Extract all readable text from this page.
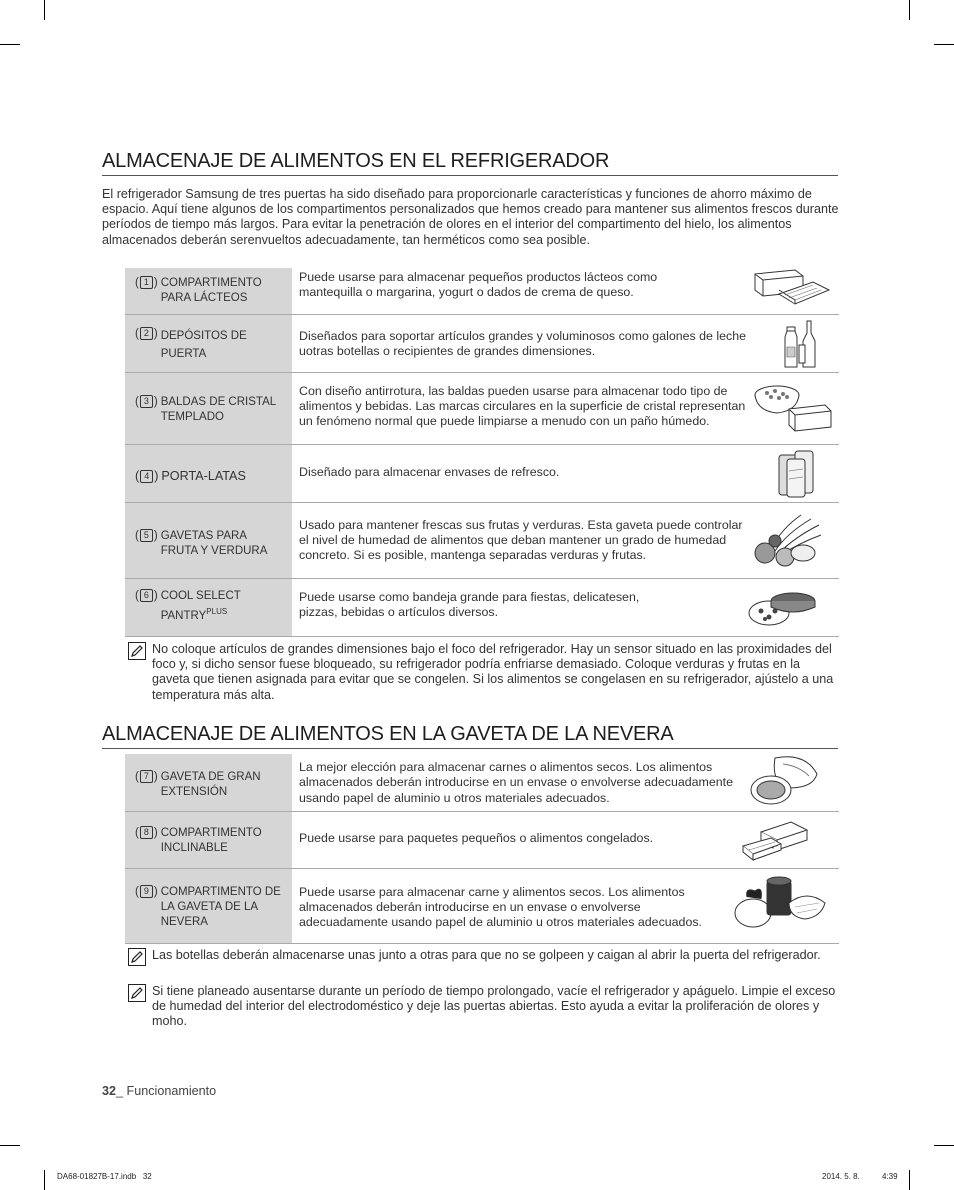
ALMACENAJE DE ALIMENTOS EN EL REFRIGERADOR

El refrigerador Samsung de tres puertas ha sido diseñado para proporcionarle características y funciones de ahorro máximo de espacio. Aquí tiene algunos de los compartimentos personalizados que hemos creado para mantener sus alimentos frescos durante períodos de tiempo más largos. Para evitar la penetración de olores en el interior del compartimento del hielo, los alimentos almacenados deberán serenvueltos adecuadamente, tan herméticos como sea posible.

( 1 ) COMPARTIMENTO PARA LÁCTEOS	Puede usarse para almacenar pequeños productos lácteos como mantequilla o margarina, yogurt o dados de crema de queso.

( 2 ) DEPÓSITOS DE PUERTA	Diseñados para soportar artículos grandes y voluminosos como galones de leche uotras botellas o recipientes de grandes dimensiones.

( 3 ) BALDAS DE CRISTAL TEMPLADO	Con diseño antirrotura, las baldas pueden usarse para almacenar todo tipo de alimentos y bebidas. Las marcas circulares en la superficie de cristal representan un fenómeno normal que puede limpiarse a menudo con un paño húmedo.

( 4 ) PORTA-LATAS	Diseñado para almacenar envases de refresco.

( 5 ) GAVETAS PARA FRUTA Y VERDURA	Usado para mantener frescas sus frutas y verduras. Esta gaveta puede controlar el nivel de humedad de alimentos que deban mantener un grado de humedad concreto. Si es posible, mantenga separadas verduras y frutas.

( 6 ) COOL SELECT $PANTRY^{PLUS}$	Puede usarse como bandeja grande para fiestas, delicatesen, pizzas, bebidas o artículos diversos.
No coloque artículos de grandes dimensiones bajo el foco del refrigerador. Hay un sensor situado en las proximidades del foco y, si dicho sensor fuese bloqueado, su refrigerador podría enfriarse demasiado. Coloque verduras y frutas en la gaveta que tienen asignada para evitar que se congelen. Si los alimentos se congelasen en su refrigerador, ajústelo a una temperatura más alta.
ALMACENAJE DE ALIMENTOS EN LA GAVETA DE LA NEVERA
( 7 ) GAVETA DE GRAN EXTENSIÓN	La mejor elección para almacenar carnes o alimentos secos. Los alimentos almacenados deberán introducirse en un envase o envolverse adecuadamente usando papel de aluminio u otros materiales adecuados.

( 8 ) COMPARTIMENTO INCLINABLE	Puede usarse para paquetes pequeños o alimentos congelados.

( 9 ) COMPARTIMENTO DE LA GAVETA DE LA NEVERA	Puede usarse para almacenar carne y alimentos secos. Los alimentos almacenados deberán introducirse en un envase o envolverse adecuadamente usando papel de aluminio u otros materiales adecuados.
Las botellas deberán almacenarse unas junto a otras para que no se golpeen y caigan al abrir la puerta del refrigerador.
Si tiene planeado ausentarse durante un período de tiempo prolongado, vacíe el refrigerador y apáguelo. Limpie el exceso de humedad del interior del electrodoméstico y deje las puertas abiertas. Esto ayuda a evitar la proliferación de olores y moho.
32_ Funcionamiento
DA68-01827B-17.indb   32	2014. 5. 8.	4:39
